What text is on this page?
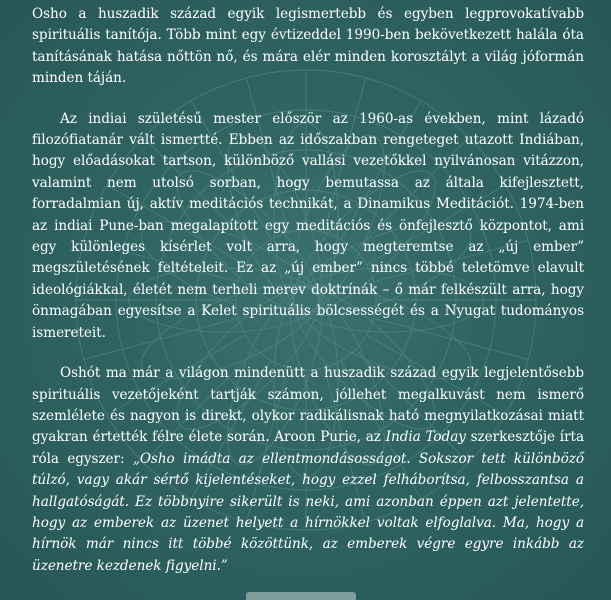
Osho a huszadik század egyik legismertebb és egyben legprovokatívabb spirituális tanítója. Több mint egy évtizeddel 1990-ben bekövetkezett halála óta tanításának hatása nőttön nő, és mára elér minden korosztályt a világ jóformán minden táján.

Az indiai születésű mester először az 1960-as években, mint lázadó filozófiatanár vált ismertté. Ebben az időszakban rengeteget utazott Indiában, hogy előadásokat tartson, különböző vallási vezetőkkel nyilvánosan vitázzon, valamint nem utolsó sorban, hogy bemutassa az általa kifejlesztett, forradalmian új, aktív meditációs technikát, a Dinamikus Meditációt. 1974-ben az indiai Pune-ban megalapított egy meditációs és önfejlesztő központot, ami egy különleges kísérlet volt arra, hogy megteremtse az „új ember” megszületésének feltételeit. Ez az „új ember” nincs többé teletömve elavult ideológiákkal, életét nem terheli merev doktrínák – ő már felkészült arra, hogy önmagában egyesítse a Kelet spirituális bölcsességét és a Nyugat tudományos ismereteit.

Oshót ma már a világon mindenütt a huszadik század egyik legjelentősebb spirituális vezetőjeként tartják számon, jóllehet megalkuvást nem ismerő szemlélete és nagyon is direkt, olykor radikálisnak ható megnyilatkozásai miatt gyakran értették félre élete során. Aroon Purie, az India Today szerkesztője írta róla egyszer: „Osho imádta az ellentmondásosságot. Sokszor tett különböző túlzó, vagy akár sértő kijelentéseket, hogy ezzel felháborítsa, felbosszantsa a hallgatóságát. Ez többnyire sikerült is neki, ami azonban éppen azt jelentette, hogy az emberek az üzenet helyett a hírnökkel voltak elfoglalva. Ma, hogy a hírnök már nincs itt többé közöttünk, az emberek végre egyre inkább az üzenetre kezdenek figyelni.”
